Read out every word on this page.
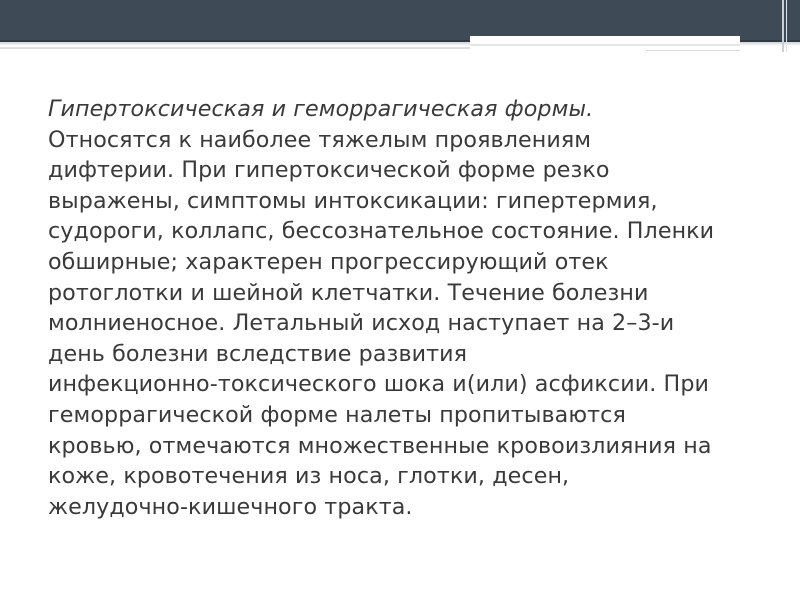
Гипертоксическая и геморрагическая формы.
Относятся к наиболее тяжелым проявлениям
дифтерии. При гипертоксической форме резко
выражены, симптомы интоксикации: гипертермия,
судороги, коллапс, бессознательное состояние. Пленки
обширные; характерен прогрессирующий отек
ротоглотки и шейной клетчатки. Течение болезни
молниеносное. Летальный исход наступает на 2–3-и
день болезни вследствие развития
инфекционно-токсического шока и(или) асфиксии. При
геморрагической форме налеты пропитываются
кровью, отмечаются множественные кровоизлияния на
коже, кровотечения из носа, глотки, десен,
желудочно-кишечного тракта.
